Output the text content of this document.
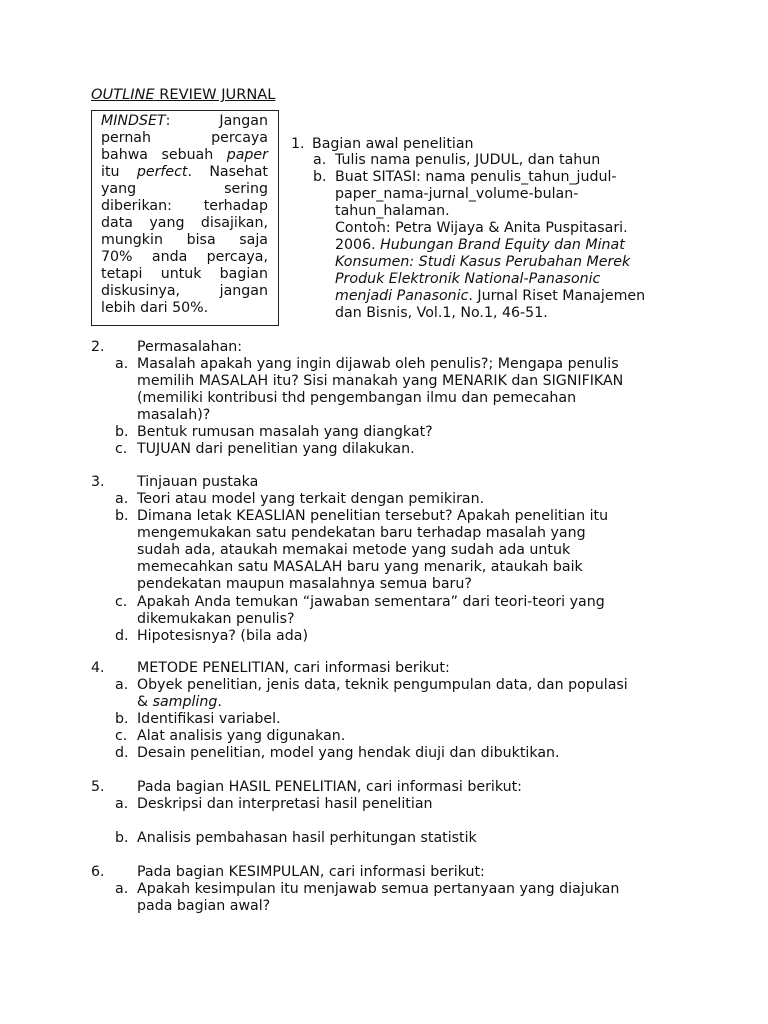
OUTLINE REVIEW JURNAL
MINDSET: Jangan
pernah percaya
bahwa sebuah paper
itu perfect. Nasehat
yang sering
diberikan: terhadap
data yang disajikan,
mungkin bisa saja
70% anda percaya,
tetapi untuk bagian
diskusinya, jangan
lebih dari 50%.
1. Bagian awal penelitian
a. Tulis nama penulis, JUDUL, dan tahun
b. Buat SITASI: nama penulis_tahun_judul-
paper_nama-jurnal_volume-bulan-
tahun_halaman.
Contoh: Petra Wijaya & Anita Puspitasari.
2006. Hubungan Brand Equity dan Minat
Konsumen: Studi Kasus Perubahan Merek
Produk Elektronik National-Panasonic
menjadi Panasonic. Jurnal Riset Manajemen
dan Bisnis, Vol.1, No.1, 46-51.
2. Permasalahan:
a. Masalah apakah yang ingin dijawab oleh penulis?; Mengapa penulis
memilih MASALAH itu? Sisi manakah yang MENARIK dan SIGNIFIKAN
(memiliki kontribusi thd pengembangan ilmu dan pemecahan
masalah)?
b. Bentuk rumusan masalah yang diangkat?
c. TUJUAN dari penelitian yang dilakukan.
3. Tinjauan pustaka
a. Teori atau model yang terkait dengan pemikiran.
b. Dimana letak KEASLIAN penelitian tersebut? Apakah penelitian itu
mengemukakan satu pendekatan baru terhadap masalah yang
sudah ada, ataukah memakai metode yang sudah ada untuk
memecahkan satu MASALAH baru yang menarik, ataukah baik
pendekatan maupun masalahnya semua baru?
c. Apakah Anda temukan “jawaban sementara” dari teori-teori yang
dikemukakan penulis?
d. Hipotesisnya? (bila ada)
4. METODE PENELITIAN, cari informasi berikut:
a. Obyek penelitian, jenis data, teknik pengumpulan data, dan populasi
& sampling.
b. Identifikasi variabel.
c. Alat analisis yang digunakan.
d. Desain penelitian, model yang hendak diuji dan dibuktikan.
5. Pada bagian HASIL PENELITIAN, cari informasi berikut:
a. Deskripsi dan interpretasi hasil penelitian
b. Analisis pembahasan hasil perhitungan statistik
6. Pada bagian KESIMPULAN, cari informasi berikut:
a. Apakah kesimpulan itu menjawab semua pertanyaan yang diajukan
pada bagian awal?
